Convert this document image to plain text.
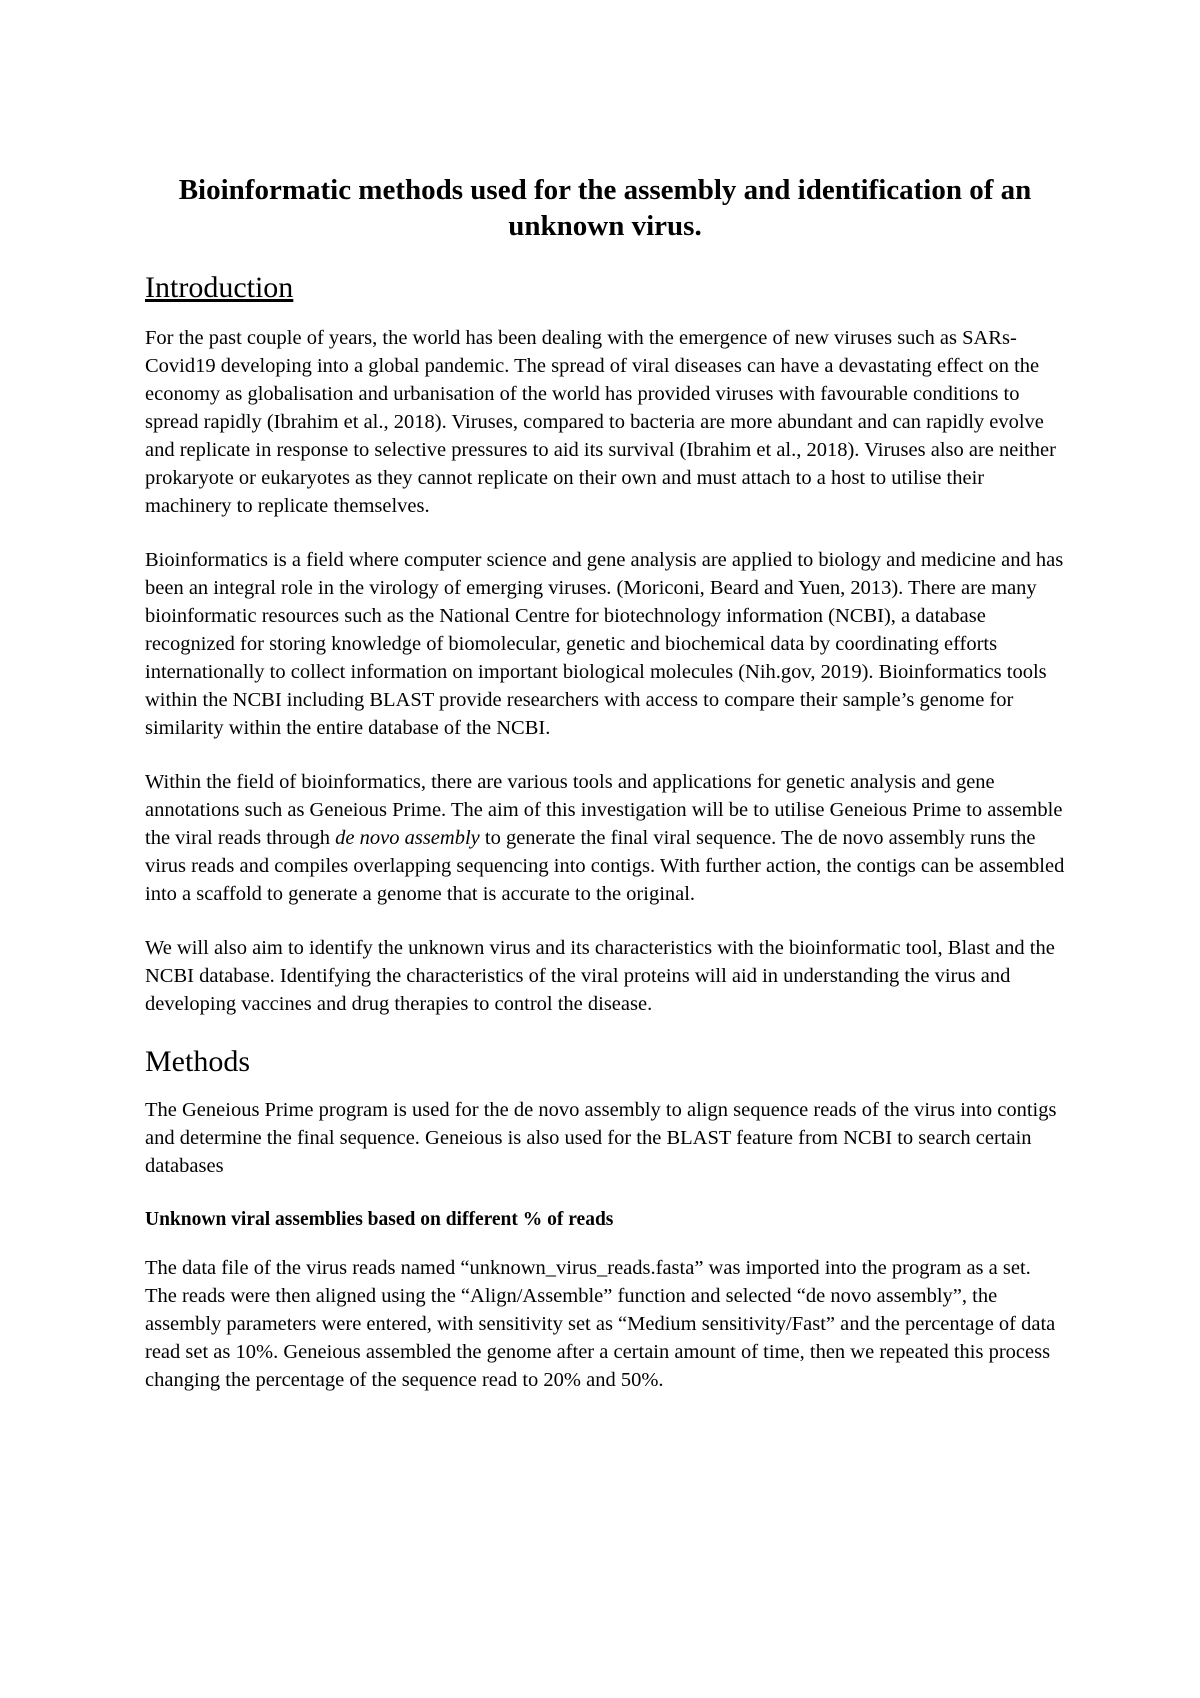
Bioinformatic methods used for the assembly and identification of an unknown virus.
Introduction

For the past couple of years, the world has been dealing with the emergence of new viruses such as SARs-Covid19 developing into a global pandemic. The spread of viral diseases can have a devastating effect on the economy as globalisation and urbanisation of the world has provided viruses with favourable conditions to spread rapidly (Ibrahim et al., 2018). Viruses, compared to bacteria are more abundant and can rapidly evolve and replicate in response to selective pressures to aid its survival (Ibrahim et al., 2018). Viruses also are neither prokaryote or eukaryotes as they cannot replicate on their own and must attach to a host to utilise their machinery to replicate themselves.

Bioinformatics is a field where computer science and gene analysis are applied to biology and medicine and has been an integral role in the virology of emerging viruses. (Moriconi, Beard and Yuen, 2013). There are many bioinformatic resources such as the National Centre for biotechnology information (NCBI), a database recognized for storing knowledge of biomolecular, genetic and biochemical data by coordinating efforts internationally to collect information on important biological molecules (Nih.gov, 2019). Bioinformatics tools within the NCBI including BLAST provide researchers with access to compare their sample’s genome for similarity within the entire database of the NCBI.

Within the field of bioinformatics, there are various tools and applications for genetic analysis and gene annotations such as Geneious Prime. The aim of this investigation will be to utilise Geneious Prime to assemble the viral reads through de novo assembly to generate the final viral sequence. The de novo assembly runs the virus reads and compiles overlapping sequencing into contigs. With further action, the contigs can be assembled into a scaffold to generate a genome that is accurate to the original.

We will also aim to identify the unknown virus and its characteristics with the bioinformatic tool, Blast and the NCBI database. Identifying the characteristics of the viral proteins will aid in understanding the virus and developing vaccines and drug therapies to control the disease.

Methods

The Geneious Prime program is used for the de novo assembly to align sequence reads of the virus into contigs and determine the final sequence. Geneious is also used for the BLAST feature from NCBI to search certain databases

Unknown viral assemblies based on different % of reads

The data file of the virus reads named “unknown_virus_reads.fasta” was imported into the program as a set. The reads were then aligned using the “Align/Assemble” function and selected “de novo assembly”, the assembly parameters were entered, with sensitivity set as “Medium sensitivity/Fast” and the percentage of data read set as 10%. Geneious assembled the genome after a certain amount of time, then we repeated this process changing the percentage of the sequence read to 20% and 50%.
